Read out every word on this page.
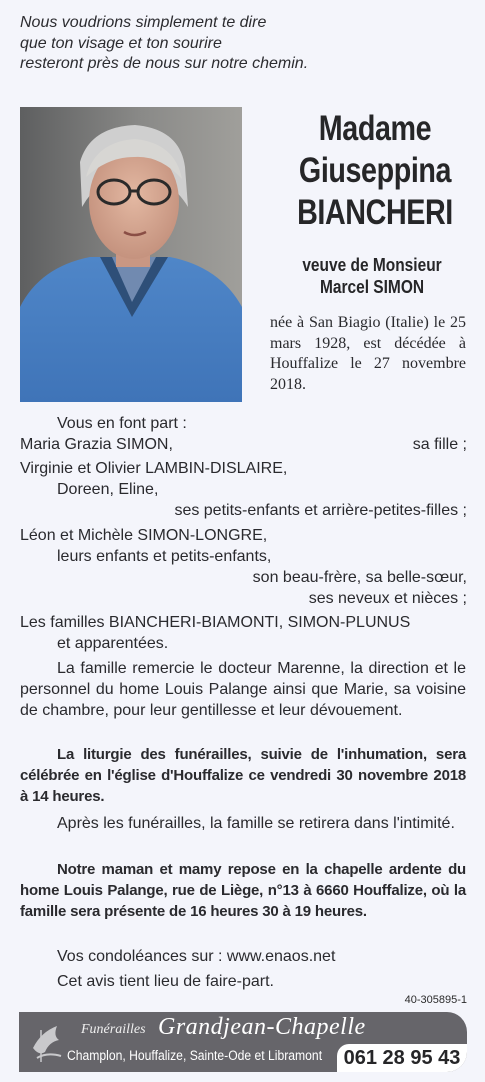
Nous voudrions simplement te dire
que ton visage et ton sourire
resteront près de nous sur notre chemin.
Madame
Giuseppina
BIANCHERI
veuve de Monsieur
Marcel SIMON
née à San Biagio (Italie) le 25 mars 1928, est décédée à Houffalize le 27 novembre 2018.
Vous en font part :
Maria Grazia SIMON,	sa fille ;
Virginie et Olivier LAMBIN-DISLAIRE,
Doreen, Eline,
ses petits-enfants et arrière-petites-filles ;
Léon et Michèle SIMON-LONGRE,
leurs enfants et petits-enfants,
son beau-frère, sa belle-sœur,
ses neveux et nièces ;
Les familles BIANCHERI-BIAMONTI, SIMON-PLUNUS
et apparentées.
La famille remercie le docteur Marenne, la direction et le personnel du home Louis Palange ainsi que Marie, sa voisine de chambre, pour leur gentillesse et leur dévouement.
La liturgie des funérailles, suivie de l'inhumation, sera célébrée en l'église d'Houffalize ce vendredi 30 novembre 2018 à 14 heures.
Après les funérailles, la famille se retirera dans l'intimité.
Notre maman et mamy repose en la chapelle ardente du home Louis Palange, rue de Liège, n°13 à 6660 Houffalize, où la famille sera présente de 16 heures 30 à 19 heures.
Vos condoléances sur : www.enaos.net
Cet avis tient lieu de faire-part.
40-305895-1
Funérailles Grandjean-Chapelle
Champlon, Houffalize, Sainte-Ode et Libramont	061 28 95 43
